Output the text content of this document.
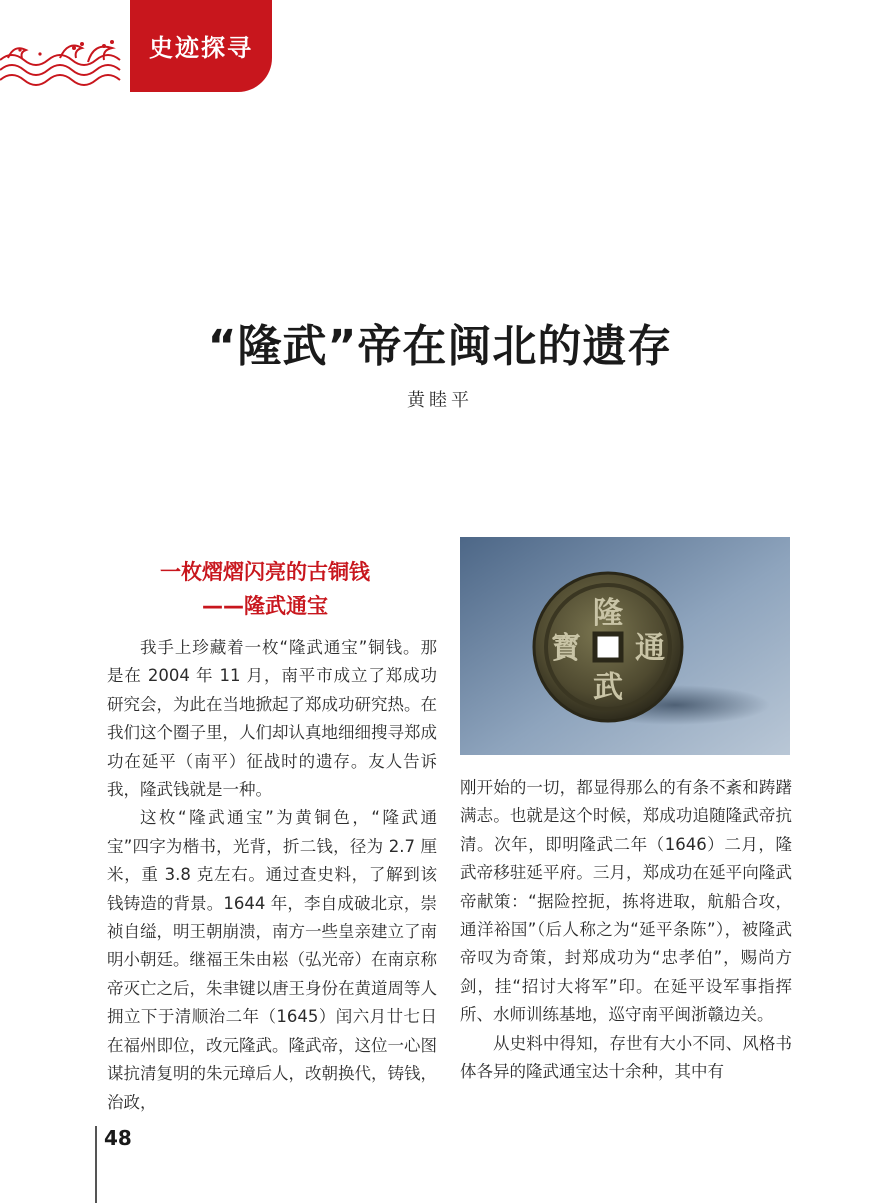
史迹探寻
“隆武”帝在闽北的遗存
黄睦平
一枚熠熠闪亮的古铜钱
——隆武通宝	隆
武
通
寳

我手上珍藏着一枚“隆武通宝”铜钱。那是在 2004 年 11 月，南平市成立了郑成功研究会，为此在当地掀起了郑成功研究热。在我们这个圈子里，人们却认真地细细搜寻郑成功在延平（南平）征战时的遗存。友人告诉我，隆武钱就是一种。

这枚“隆武通宝”为黄铜色，“隆武通宝”四字为楷书，光背，折二钱，径为 2.7 厘米，重 3.8 克左右。通过查史料，了解到该钱铸造的背景。1644 年，李自成破北京，崇祯自缢，明王朝崩溃，南方一些皇亲建立了南明小朝廷。继福王朱由崧（弘光帝）在南京称帝灭亡之后，朱聿键以唐王身份在黄道周等人拥立下于清顺治二年（1645）闰六月廿七日在福州即位，改元隆武。隆武帝，这位一心图谋抗清复明的朱元璋后人，改朝换代，铸钱，治政，

刚开始的一切，都显得那么的有条不紊和踌躇满志。也就是这个时候，郑成功追随隆武帝抗清。次年，即明隆武二年（1646）二月，隆武帝移驻延平府。三月，郑成功在延平向隆武帝献策：“据险控扼，拣将进取，航船合攻，通洋裕国”（后人称之为“延平条陈”），被隆武帝叹为奇策，封郑成功为“忠孝伯”，赐尚方剑，挂“招讨大将军”印。在延平设军事指挥所、水师训练基地，巡守南平闽浙赣边关。

从史料中得知，存世有大小不同、风格书体各异的隆武通宝达十余种，其中有

48
